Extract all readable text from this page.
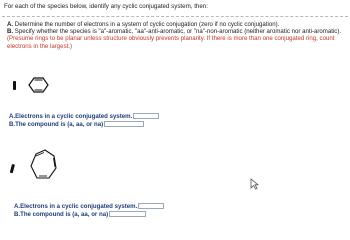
For each of the species below, identify any cyclic conjugated system, then:
A. Determine the number of electrons in a system of cyclic conjugation (zero if no cyclic conjugation).
B. Specify whether the species is "a"-aromatic, "aa"-anti-aromatic, or "na"-non-aromatic (neither aromatic nor anti-aromatic).
(Presume rings to be planar unless structure obviously prevents planarity. If there is more than one conjugated ring, count electrons in the largest.)
A.Electrons in a cyclic conjugated system.
B.The compound is (a, aa, or na)
A.Electrons in a cyclic conjugated system.
B.The compound is (a, aa, or na)
